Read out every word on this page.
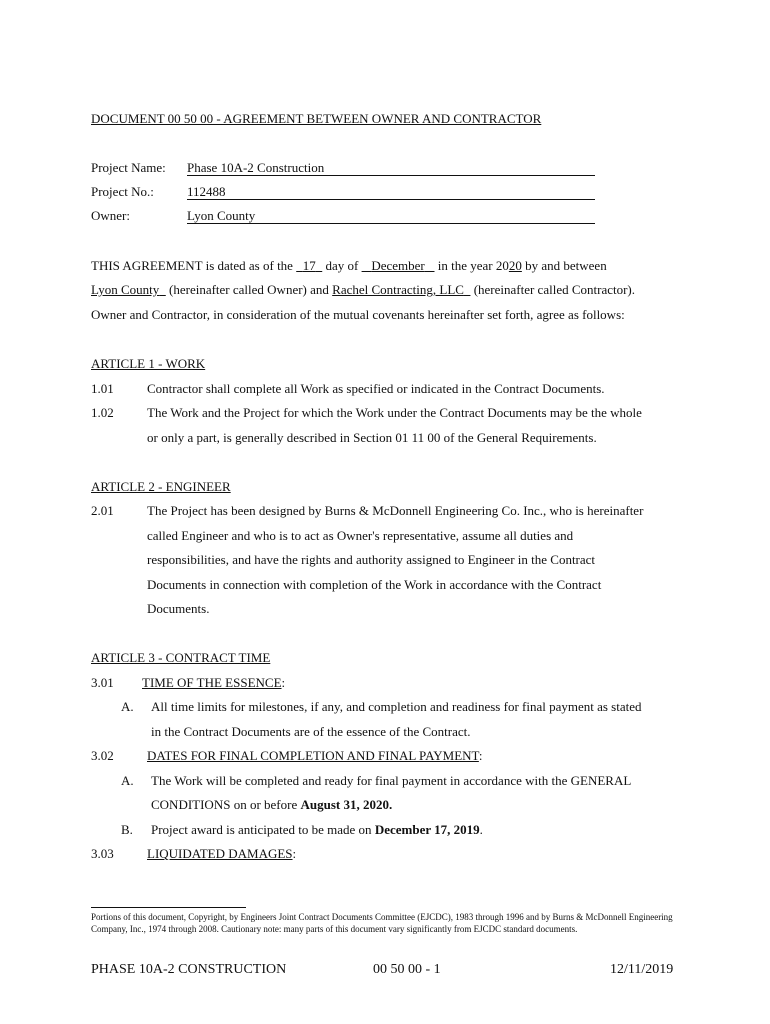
DOCUMENT 00 50 00 - AGREEMENT BETWEEN OWNER AND CONTRACTOR
Project Name: Phase 10A-2 Construction
Project No.:	112488
Owner:	Lyon County
THIS AGREEMENT is dated as of the   17   day of    December    in the year 2020 by and between
Lyon County   (hereinafter called Owner) and Rachel Contracting, LLC   (hereinafter called Contractor).
Owner and Contractor, in consideration of the mutual covenants hereinafter set forth, agree as follows:
ARTICLE 1 - WORK
1.01	Contractor shall complete all Work as specified or indicated in the Contract Documents.
1.02	The Work and the Project for which the Work under the Contract Documents may be the whole
or only a part, is generally described in Section 01 11 00 of the General Requirements.
ARTICLE 2 - ENGINEER
2.01	The Project has been designed by Burns & McDonnell Engineering Co. Inc., who is hereinafter
called Engineer and who is to act as Owner's representative, assume all duties and
responsibilities, and have the rights and authority assigned to Engineer in the Contract
Documents in connection with completion of the Work in accordance with the Contract
Documents.
ARTICLE 3 - CONTRACT TIME
3.01 TIME OF THE ESSENCE:
A. All time limits for milestones, if any, and completion and readiness for final payment as stated
in the Contract Documents are of the essence of the Contract.
3.02	DATES FOR FINAL COMPLETION AND FINAL PAYMENT:
A. The Work will be completed and ready for final payment in accordance with the GENERAL
CONDITIONS on or before August 31, 2020.
B. Project award is anticipated to be made on December 17, 2019.
3.03	LIQUIDATED DAMAGES:
Portions of this document, Copyright, by Engineers Joint Contract Documents Committee (EJCDC), 1983 through 1996 and by Burns & McDonnell Engineering Company, Inc., 1974 through 2008. Cautionary note: many parts of this document vary significantly from EJCDC standard documents.
PHASE 10A-2 CONSTRUCTION	00 50 00 - 1	12/11/2019
